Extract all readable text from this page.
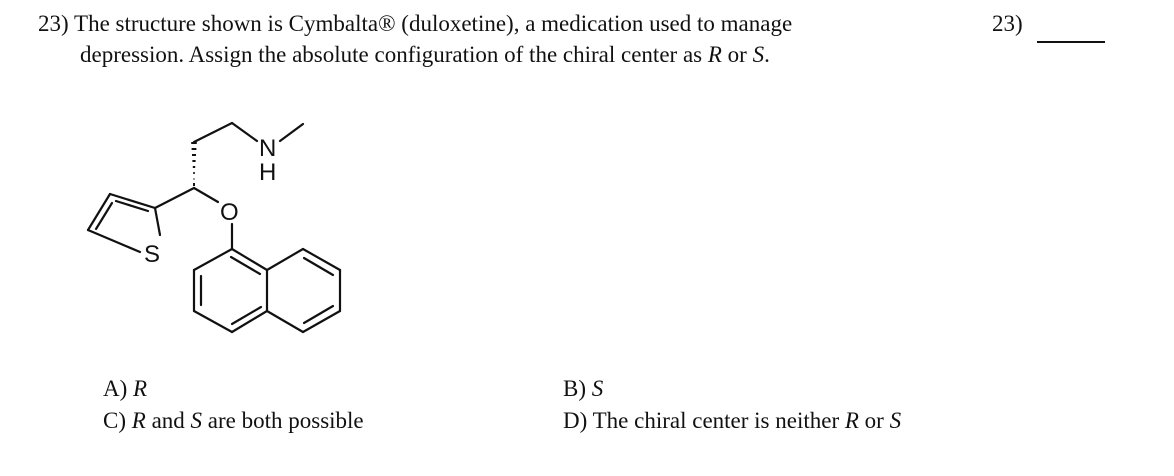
23) The structure shown is Cymbalta® (duloxetine), a medication used to manage
depression. Assign the absolute configuration of the chiral center as R or S.
23)
N
H
O
S
A) R	B) S
C) R and S are both possible	D) The chiral center is neither R or S
